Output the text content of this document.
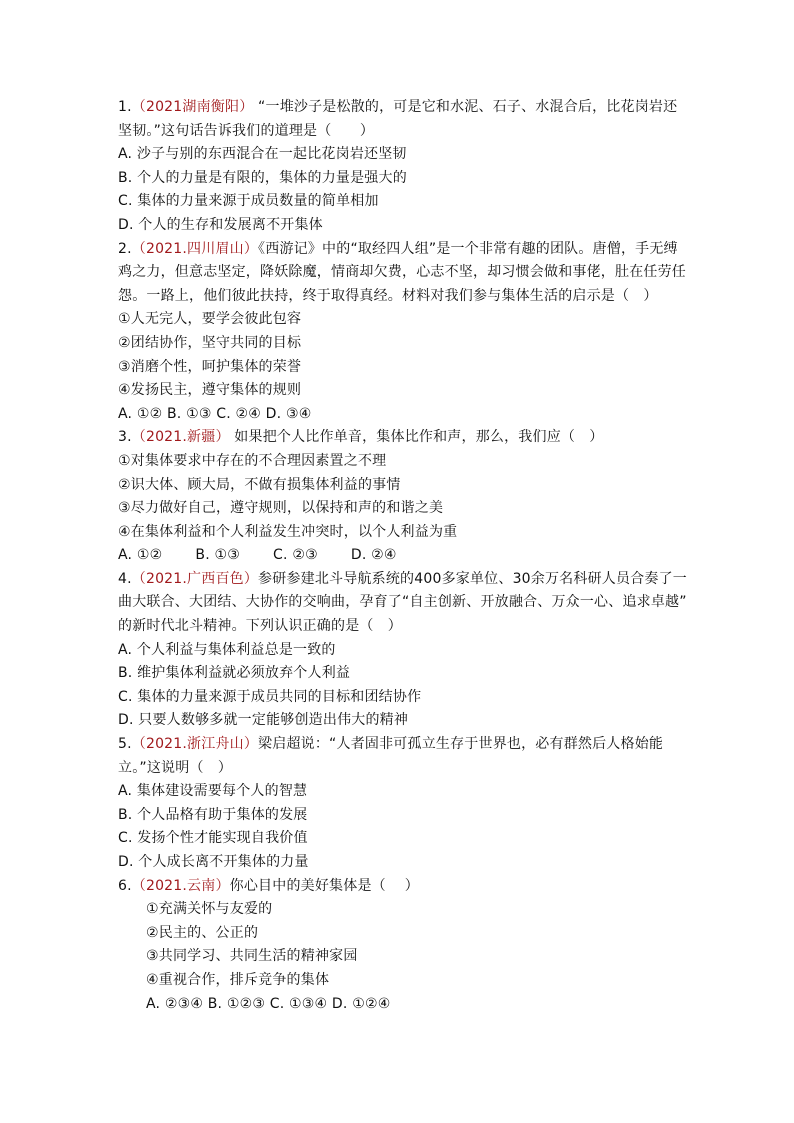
1.（2021湖南衡阳） “一堆沙子是松散的，可是它和水泥、石子、水混合后，比花岗岩还
坚韧。”这句话告诉我们的道理是（　　）
A. 沙子与别的东西混合在一起比花岗岩还坚韧
B. 个人的力量是有限的，集体的力量是强大的
C. 集体的力量来源于成员数量的简单相加
D. 个人的生存和发展离不开集体
2.（2021.四川眉山）《西游记》中的“取经四人组”是一个非常有趣的团队。唐僧，手无缚
鸡之力，但意志坚定，降妖除魔，情商却欠费，心志不坚，却习惯会做和事佬，肚在任劳任
怨。一路上，他们彼此扶持，终于取得真经。材料对我们参与集体生活的启示是（　）
①人无完人，要学会彼此包容
②团结协作，坚守共同的目标
③消磨个性，呵护集体的荣誉
④发扬民主，遵守集体的规则
A. ①② B. ①③ C. ②④ D. ③④
3.（2021.新疆） 如果把个人比作单音，集体比作和声，那么，我们应（　）
①对集体要求中存在的不合理因素置之不理
②识大体、顾大局，不做有损集体利益的事情
③尽力做好自己，遵守规则，以保持和声的和谐之美
④在集体利益和个人利益发生冲突时，以个人利益为重
A. ①②　　 B. ①③　　 C. ②③　　 D. ②④
4.（2021.广西百色）参研参建北斗导航系统的400多家单位、30余万名科研人员合奏了一
曲大联合、大团结、大协作的交响曲，孕育了“自主创新、开放融合、万众一心、追求卓越”
的新时代北斗精神。下列认识正确的是（　）
A. 个人利益与集体利益总是一致的
B. 维护集体利益就必须放弃个人利益
C. 集体的力量来源于成员共同的目标和团结协作
D. 只要人数够多就一定能够创造出伟大的精神
5.（2021.浙江舟山）梁启超说：“人者固非可孤立生存于世界也，必有群然后人格始能
立。”这说明（　）
A. 集体建设需要每个人的智慧
B. 个人品格有助于集体的发展
C. 发扬个性才能实现自我价值
D. 个人成长离不开集体的力量
6.（2021.云南）你心目中的美好集体是（　 ）
①充满关怀与友爱的
②民主的、公正的
③共同学习、共同生活的精神家园
④重视合作，排斥竞争的集体
A. ②③④ B. ①②③ C. ①③④ D. ①②④
